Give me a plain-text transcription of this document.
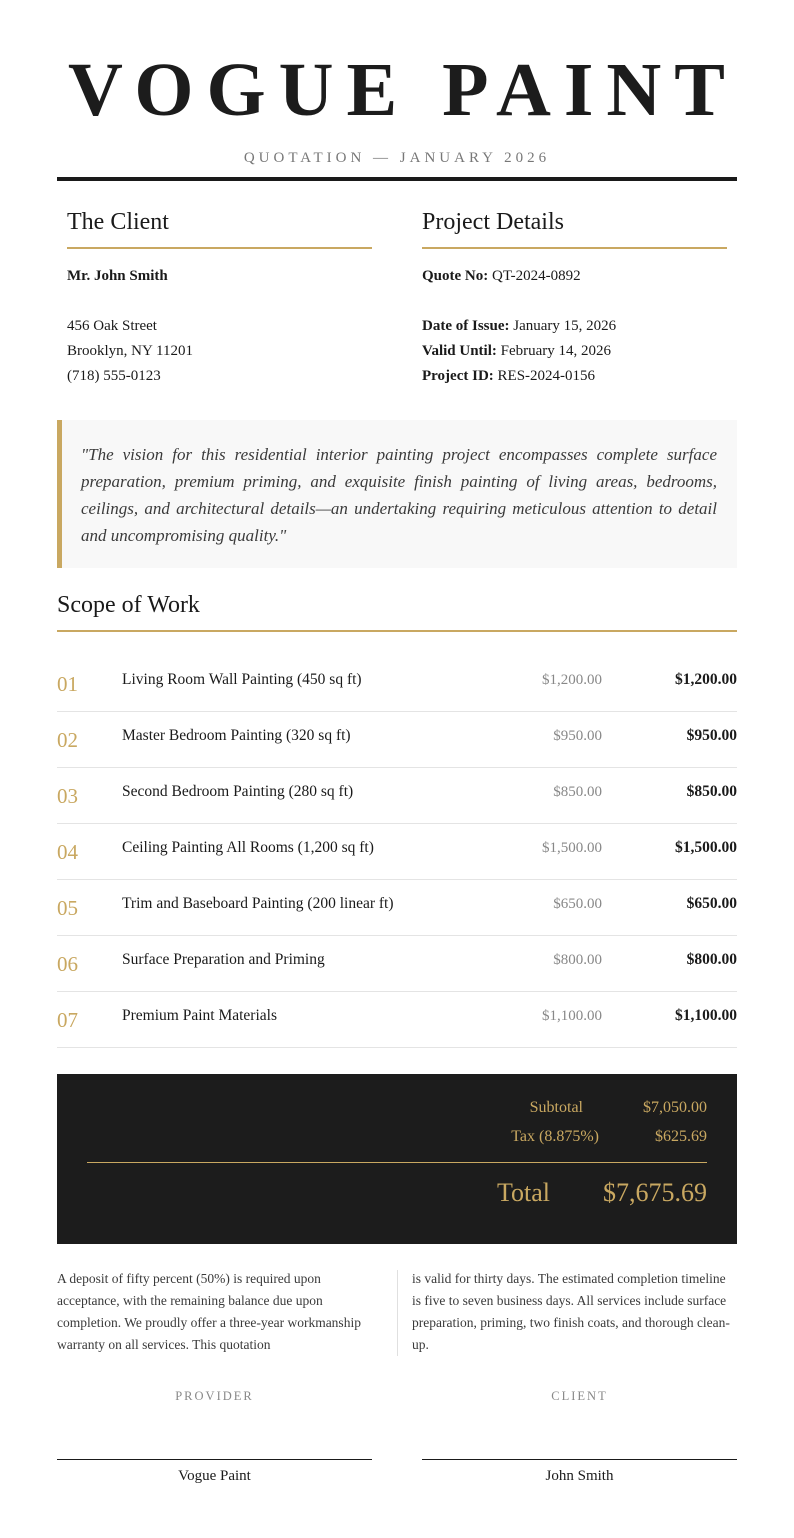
VOGUE PAINT
QUOTATION — JANUARY 2026
The Client
Mr. John Smith
456 Oak Street
Brooklyn, NY 11201
(718) 555-0123
Project Details
Quote No: QT-2024-0892
Date of Issue: January 15, 2026
Valid Until: February 14, 2026
Project ID: RES-2024-0156

"The vision for this residential interior painting project encompasses complete surface preparation, premium priming, and exquisite finish painting of living areas, bedrooms, ceilings, and architectural details—an undertaking requiring meticulous attention to detail and uncompromising quality."

Scope of Work
01	Living Room Wall Painting (450 sq ft)	$1,200.00	$1,200.00
02	Master Bedroom Painting (320 sq ft)	$950.00	$950.00
03	Second Bedroom Painting (280 sq ft)	$850.00	$850.00
04	Ceiling Painting All Rooms (1,200 sq ft)	$1,500.00	$1,500.00
05	Trim and Baseboard Painting (200 linear ft)	$650.00	$650.00
06	Surface Preparation and Priming	$800.00	$800.00
07	Premium Paint Materials	$1,100.00	$1,100.00
Subtotal	$7,050.00
Tax (8.875%)	$625.69
Total $7,675.69
A deposit of fifty percent (50%) is required upon acceptance, with the remaining balance due upon completion. We proudly offer a three-year workmanship warranty on all services. This quotation
is valid for thirty days. The estimated completion timeline is five to seven business days. All services include surface preparation, priming, two finish coats, and thorough clean-up.
PROVIDER
Vogue Paint
CLIENT
John Smith
